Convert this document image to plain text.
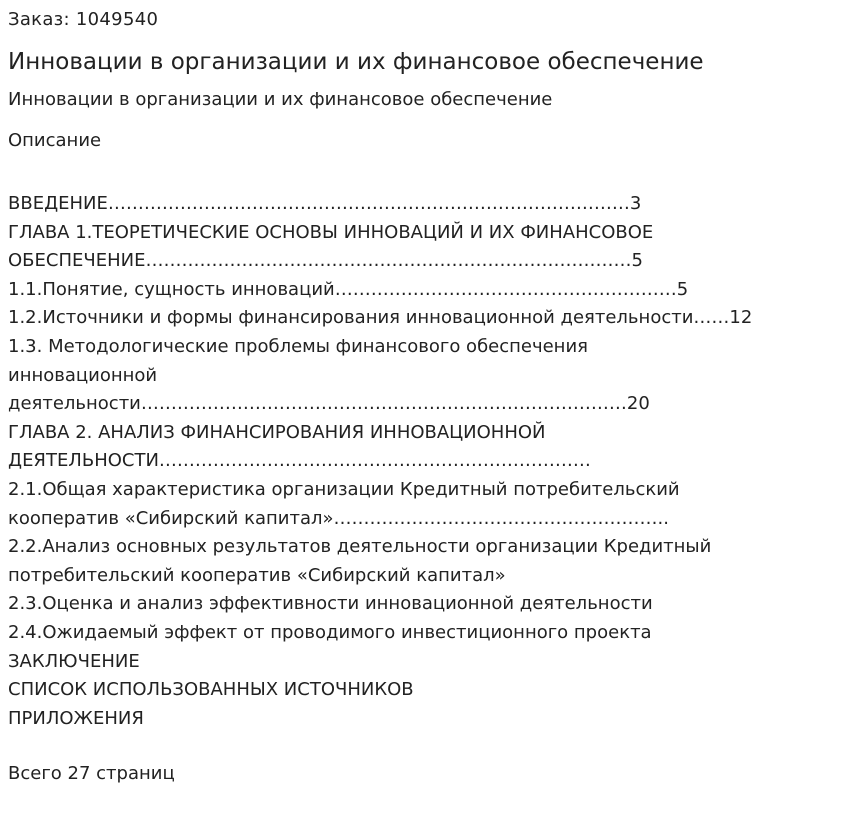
Заказ: 1049540
Инновации в организации и их финансовое обеспечение
Инновации в организации и их финансовое обеспечение
Описание
ВВЕДЕНИЕ……………………………………………………………………………3
ГЛАВА 1.ТЕОРЕТИЧЕСКИЕ ОСНОВЫ ИННОВАЦИЙ И ИХ ФИНАНСОВОЕ
ОБЕСПЕЧЕНИЕ………………………………………………………………………5
1.1.Понятие, сущность инноваций…………………………………………………5
1.2.Источники и формы финансирования инновационной деятельности……12
1.3. Методологические проблемы финансового обеспечения
инновационной
деятельности………………………………………………………………………20
ГЛАВА 2. АНАЛИЗ ФИНАНСИРОВАНИЯ ИННОВАЦИОННОЙ
ДЕЯТЕЛЬНОСТИ………………………………………………………………
2.1.Общая характеристика организации Кредитный потребительский
кооператив «Сибирский капитал»………………………………………………..
2.2.Анализ основных результатов деятельности организации Кредитный
потребительский кооператив «Сибирский капитал»
2.3.Оценка и анализ эффективности инновационной деятельности
2.4.Ожидаемый эффект от проводимого инвестиционного проекта
ЗАКЛЮЧЕНИЕ
СПИСОК ИСПОЛЬЗОВАННЫХ ИСТОЧНИКОВ
ПРИЛОЖЕНИЯ
Всего 27 страниц
